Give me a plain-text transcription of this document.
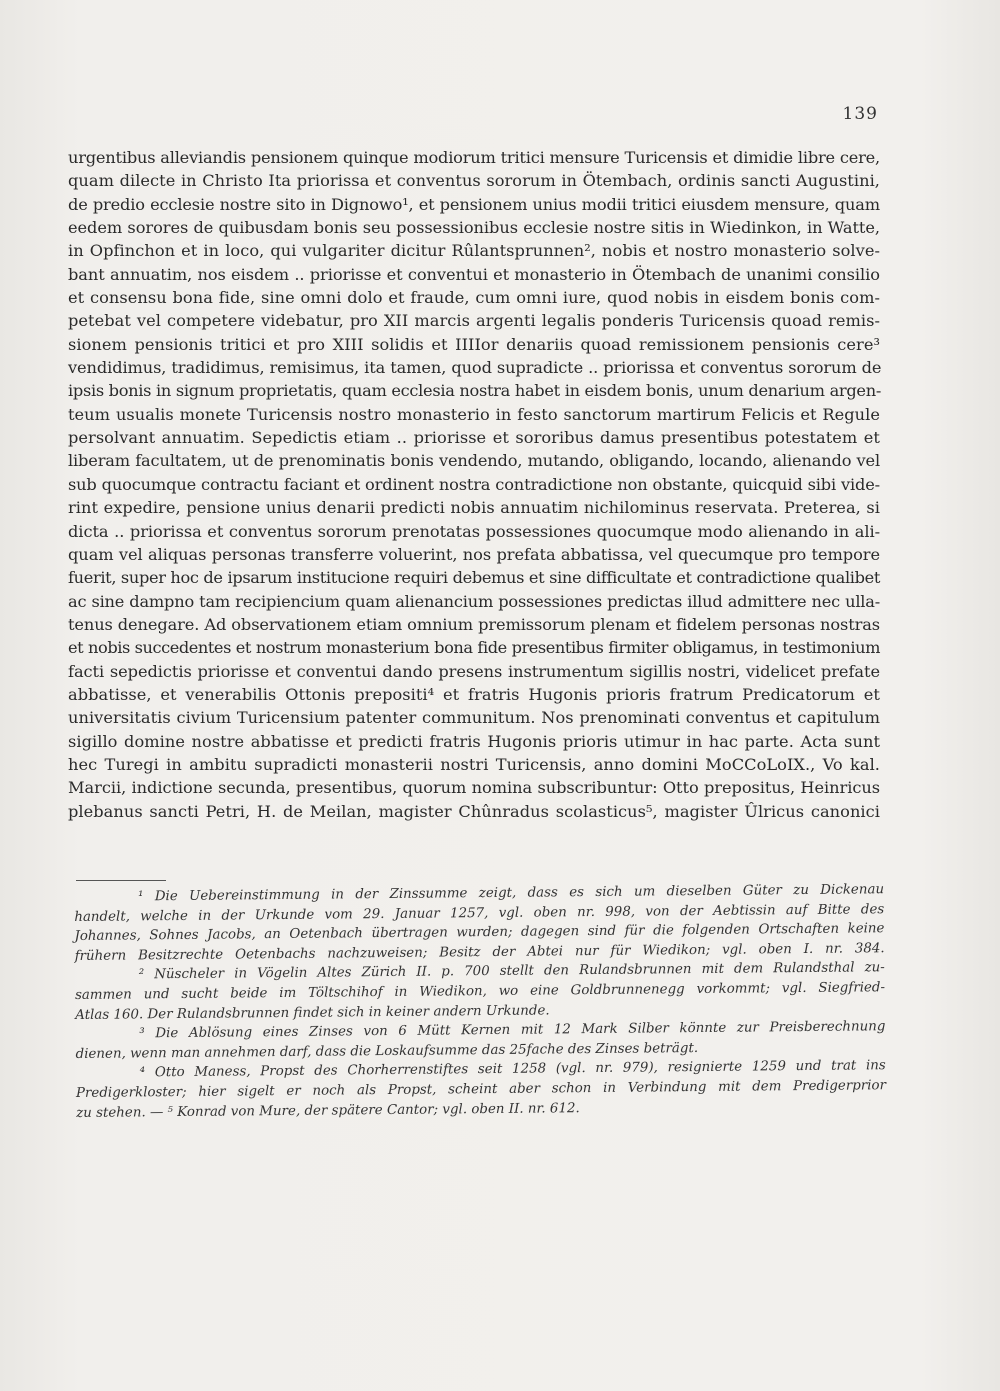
139
urgentibus alleviandis pensionem quinque modiorum tritici mensure Turicensis et dimidie libre cere,
quam dilecte in Christo Ita priorissa et conventus sororum in Ötembach, ordinis sancti Augustini,
de predio ecclesie nostre sito in Dignowo¹, et pensionem unius modii tritici eiusdem mensure, quam
eedem sorores de quibusdam bonis seu possessionibus ecclesie nostre sitis in Wiedinkon, in Watte,
in Opfinchon et in loco, qui vulgariter dicitur Rûlantsprunnen², nobis et nostro monasterio solve-
bant annuatim, nos eisdem .. priorisse et conventui et monasterio in Ötembach de unanimi consilio
et consensu bona fide, sine omni dolo et fraude, cum omni iure, quod nobis in eisdem bonis com-
petebat vel competere videbatur, pro XII marcis argenti legalis ponderis Turicensis quoad remis-
sionem pensionis tritici et pro XIII solidis et IIIIor denariis quoad remissionem pensionis cere³
vendidimus, tradidimus, remisimus, ita tamen, quod supradicte .. priorissa et conventus sororum de
ipsis bonis in signum proprietatis, quam ecclesia nostra habet in eisdem bonis, unum denarium argen-
teum usualis monete Turicensis nostro monasterio in festo sanctorum martirum Felicis et Regule
persolvant annuatim. Sepedictis etiam .. priorisse et sororibus damus presentibus potestatem et
liberam facultatem, ut de prenominatis bonis vendendo, mutando, obligando, locando, alienando vel
sub quocumque contractu faciant et ordinent nostra contradictione non obstante, quicquid sibi vide-
rint expedire, pensione unius denarii predicti nobis annuatim nichilominus reservata. Preterea, si
dicta .. priorissa et conventus sororum prenotatas possessiones quocumque modo alienando in ali-
quam vel aliquas personas transferre voluerint, nos prefata abbatissa, vel quecumque pro tempore
fuerit, super hoc de ipsarum institucione requiri debemus et sine difficultate et contradictione qualibet
ac sine dampno tam recipiencium quam alienancium possessiones predictas illud admittere nec ulla-
tenus denegare. Ad observationem etiam omnium premissorum plenam et fidelem personas nostras
et nobis succedentes et nostrum monasterium bona fide presentibus firmiter obligamus, in testimonium
facti sepedictis priorisse et conventui dando presens instrumentum sigillis nostri, videlicet prefate
abbatisse, et venerabilis Ottonis prepositi⁴ et fratris Hugonis prioris fratrum Predicatorum et
universitatis civium Turicensium patenter communitum. Nos prenominati conventus et capitulum
sigillo domine nostre abbatisse et predicti fratris Hugonis prioris utimur in hac parte. Acta sunt
hec Turegi in ambitu supradicti monasterii nostri Turicensis, anno domini MoCCoLoIX., Vo kal.
Marcii, indictione secunda, presentibus, quorum nomina subscribuntur: Otto prepositus, Heinricus
plebanus sancti Petri, H. de Meilan, magister Chûnradus scolasticus⁵, magister Ûlricus canonici
¹ Die Uebereinstimmung in der Zinssumme zeigt, dass es sich um dieselben Güter zu Dickenau
handelt, welche in der Urkunde vom 29. Januar 1257, vgl. oben nr. 998, von der Aebtissin auf Bitte des
Johannes, Sohnes Jacobs, an Oetenbach übertragen wurden; dagegen sind für die folgenden Ortschaften keine
frühern Besitzrechte Oetenbachs nachzuweisen; Besitz der Abtei nur für Wiedikon; vgl. oben I. nr. 384.
² Nüscheler in Vögelin Altes Zürich II. p. 700 stellt den Rulandsbrunnen mit dem Rulandsthal zu-
sammen und sucht beide im Töltschihof in Wiedikon, wo eine Goldbrunnenegg vorkommt; vgl. Siegfried-
Atlas 160. Der Rulandsbrunnen findet sich in keiner andern Urkunde.
³ Die Ablösung eines Zinses von 6 Mütt Kernen mit 12 Mark Silber könnte zur Preisberechnung
dienen, wenn man annehmen darf, dass die Loskaufsumme das 25fache des Zinses beträgt.
⁴ Otto Maness, Propst des Chorherrenstiftes seit 1258 (vgl. nr. 979), resignierte 1259 und trat ins
Predigerkloster; hier sigelt er noch als Propst, scheint aber schon in Verbindung mit dem Predigerprior
zu stehen. — ⁵ Konrad von Mure, der spätere Cantor; vgl. oben II. nr. 612.
